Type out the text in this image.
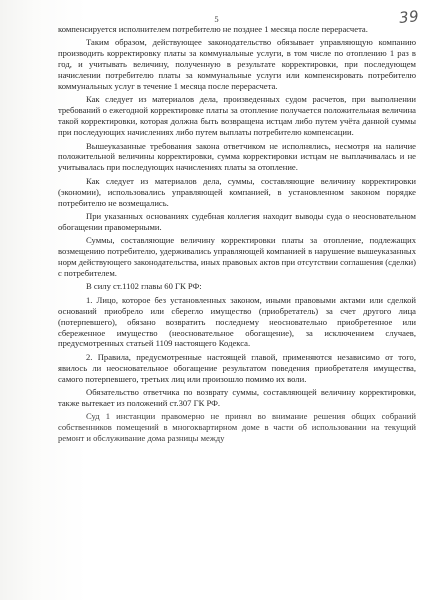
5	39

компенсируется исполнителем потребителю не позднее 1 месяца после перерасчета.

Таким образом, действующее законодательство обязывает управляющую компанию производить корректировку платы за коммунальные услуги, в том числе по отоплению 1 раз в год, и учитывать величину, полученную в результате корректировки, при последующем начислении потребителю платы за коммунальные услуги или компенсировать потребителю коммунальных услуг в течение 1 месяца после перерасчета.

Как следует из материалов дела, произведенных судом расчетов, при выполнении требований о ежегодной корректировке платы за отопление получается положительная величина такой корректировки, которая должна быть возвращена истцам либо путем учёта данной суммы при последующих начислениях либо путем выплаты потребителю компенсации.

Вышеуказанные требования закона ответчиком не исполнялись, несмотря на наличие положительной величины корректировки, сумма корректировки истцам не выплачивалась и не учитывалась при последующих начислениях платы за отопление.

Как следует из материалов дела, суммы, составляющие величину корректировки (экономии), использовались управляющей компанией, в установленном законом порядке потребителю не возмещались.

При указанных основаниях судебная коллегия находит выводы суда о неосновательном обогащении правомерными.

Суммы, составляющие величину корректировки платы за отопление, подлежащих возмещению потребителю, удерживались управляющей компанией в нарушение вышеуказанных норм действующего законодательства, иных правовых актов при отсутствии соглашения (сделки) с потребителем.

В силу ст.1102 главы 60 ГК РФ:

1. Лицо, которое без установленных законом, иными правовыми актами или сделкой оснований приобрело или сберегло имущество (приобретатель) за счет другого лица (потерпевшего), обязано возвратить последнему неосновательно приобретенное или сбереженное имущество (неосновательное обогащение), за исключением случаев, предусмотренных статьей 1109 настоящего Кодекса.

2. Правила, предусмотренные настоящей главой, применяются независимо от того, явилось ли неосновательное обогащение результатом поведения приобретателя имущества, самого потерпевшего, третьих лиц или произошло помимо их воли.

Обязательство ответчика по возврату суммы, составляющей величину корректировки, также вытекает из положений ст.307 ГК РФ.

Суд 1 инстанции правомерно не принял во внимание решения общих собраний собственников помещений в многоквартирном доме в части об использовании на текущий ремонт и обслуживание дома разницы между
